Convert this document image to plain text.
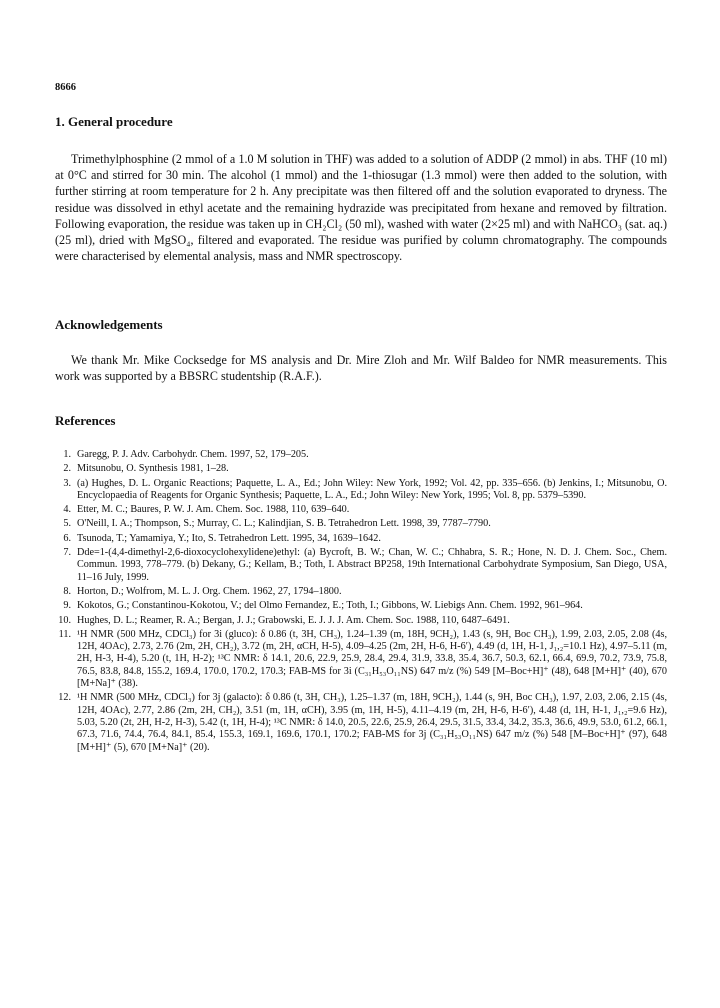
8666
1. General procedure

Trimethylphosphine (2 mmol of a 1.0 M solution in THF) was added to a solution of ADDP (2 mmol) in abs. THF (10 ml) at 0°C and stirred for 30 min. The alcohol (1 mmol) and the 1-thiosugar (1.3 mmol) were then added to the solution, with further stirring at room temperature for 2 h. Any precipitate was then filtered off and the solution evaporated to dryness. The residue was dissolved in ethyl acetate and the remaining hydrazide was precipitated from hexane and removed by filtration. Following evaporation, the residue was taken up in CH₂Cl₂ (50 ml), washed with water (2×25 ml) and with NaHCO₃ (sat. aq.) (25 ml), dried with MgSO₄, filtered and evaporated. The residue was purified by column chromatography. The compounds were characterised by elemental analysis, mass and NMR spectroscopy.

Acknowledgements

We thank Mr. Mike Cocksedge for MS analysis and Dr. Mire Zloh and Mr. Wilf Baldeo for NMR measurements. This work was supported by a BBSRC studentship (R.A.F.).

References
1. Garegg, P. J. Adv. Carbohydr. Chem. 1997, 52, 179–205.
2. Mitsunobu, O. Synthesis 1981, 1–28.
3. (a) Hughes, D. L. Organic Reactions; Paquette, L. A., Ed.; John Wiley: New York, 1992; Vol. 42, pp. 335–656. (b) Jenkins, I.; Mitsunobu, O. Encyclopaedia of Reagents for Organic Synthesis; Paquette, L. A., Ed.; John Wiley: New York, 1995; Vol. 8, pp. 5379–5390.
4. Etter, M. C.; Baures, P. W. J. Am. Chem. Soc. 1988, 110, 639–640.
5. O'Neill, I. A.; Thompson, S.; Murray, C. L.; Kalindjian, S. B. Tetrahedron Lett. 1998, 39, 7787–7790.
6. Tsunoda, T.; Yamamiya, Y.; Ito, S. Tetrahedron Lett. 1995, 34, 1639–1642.
7. Dde=1-(4,4-dimethyl-2,6-dioxocyclohexylidene)ethyl: (a) Bycroft, B. W.; Chan, W. C.; Chhabra, S. R.; Hone, N. D. J. Chem. Soc., Chem. Commun. 1993, 778–779. (b) Dekany, G.; Kellam, B.; Toth, I. Abstract BP258, 19th International Carbohydrate Symposium, San Diego, USA, 11–16 July, 1999.
8. Horton, D.; Wolfrom, M. L. J. Org. Chem. 1962, 27, 1794–1800.
9. Kokotos, G.; Constantinou-Kokotou, V.; del Olmo Fernandez, E.; Toth, I.; Gibbons, W. Liebigs Ann. Chem. 1992, 961–964.
10. Hughes, D. L.; Reamer, R. A.; Bergan, J. J.; Grabowski, E. J. J. J. Am. Chem. Soc. 1988, 110, 6487–6491.
11. ¹H NMR (500 MHz, CDCl₃) for 3i (gluco): δ 0.86 (t, 3H, CH₃), 1.24–1.39 (m, 18H, 9CH₂), 1.43 (s, 9H, Boc CH₃), 1.99, 2.03, 2.05, 2.08 (4s, 12H, 4OAc), 2.73, 2.76 (2m, 2H, CH₂), 3.72 (m, 2H, αCH, H-5), 4.09–4.25 (2m, 2H, H-6, H-6′), 4.49 (d, 1H, H-1, J₁,₂=10.1 Hz), 4.97–5.11 (m, 2H, H-3, H-4), 5.20 (t, 1H, H-2); ¹³C NMR: δ 14.1, 20.6, 22.9, 25.9, 28.4, 29.4, 31.9, 33.8, 35.4, 36.7, 50.3, 62.1, 66.4, 69.9, 70.2, 73.9, 75.8, 76.5, 83.8, 84.8, 155.2, 169.4, 170.0, 170.2, 170.3; FAB-MS for 3i (C₃₁H₅₃O₁₁NS) 647 m/z (%) 549 [M–Boc+H]⁺ (48), 648 [M+H]⁺ (40), 670 [M+Na]⁺ (38).
12. ¹H NMR (500 MHz, CDCl₃) for 3j (galacto): δ 0.86 (t, 3H, CH₃), 1.25–1.37 (m, 18H, 9CH₂), 1.44 (s, 9H, Boc CH₃), 1.97, 2.03, 2.06, 2.15 (4s, 12H, 4OAc), 2.77, 2.86 (2m, 2H, CH₂), 3.51 (m, 1H, αCH), 3.95 (m, 1H, H-5), 4.11–4.19 (m, 2H, H-6, H-6′), 4.48 (d, 1H, H-1, J₁,₂=9.6 Hz), 5.03, 5.20 (2t, 2H, H-2, H-3), 5.42 (t, 1H, H-4); ¹³C NMR: δ 14.0, 20.5, 22.6, 25.9, 26.4, 29.5, 31.5, 33.4, 34.2, 35.3, 36.6, 49.9, 53.0, 61.2, 66.1, 67.3, 71.6, 74.4, 76.4, 84.1, 85.4, 155.3, 169.1, 169.6, 170.1, 170.2; FAB-MS for 3j (C₃₁H₅₃O₁₁NS) 647 m/z (%) 548 [M–Boc+H]⁺ (97), 648 [M+H]⁺ (5), 670 [M+Na]⁺ (20).
